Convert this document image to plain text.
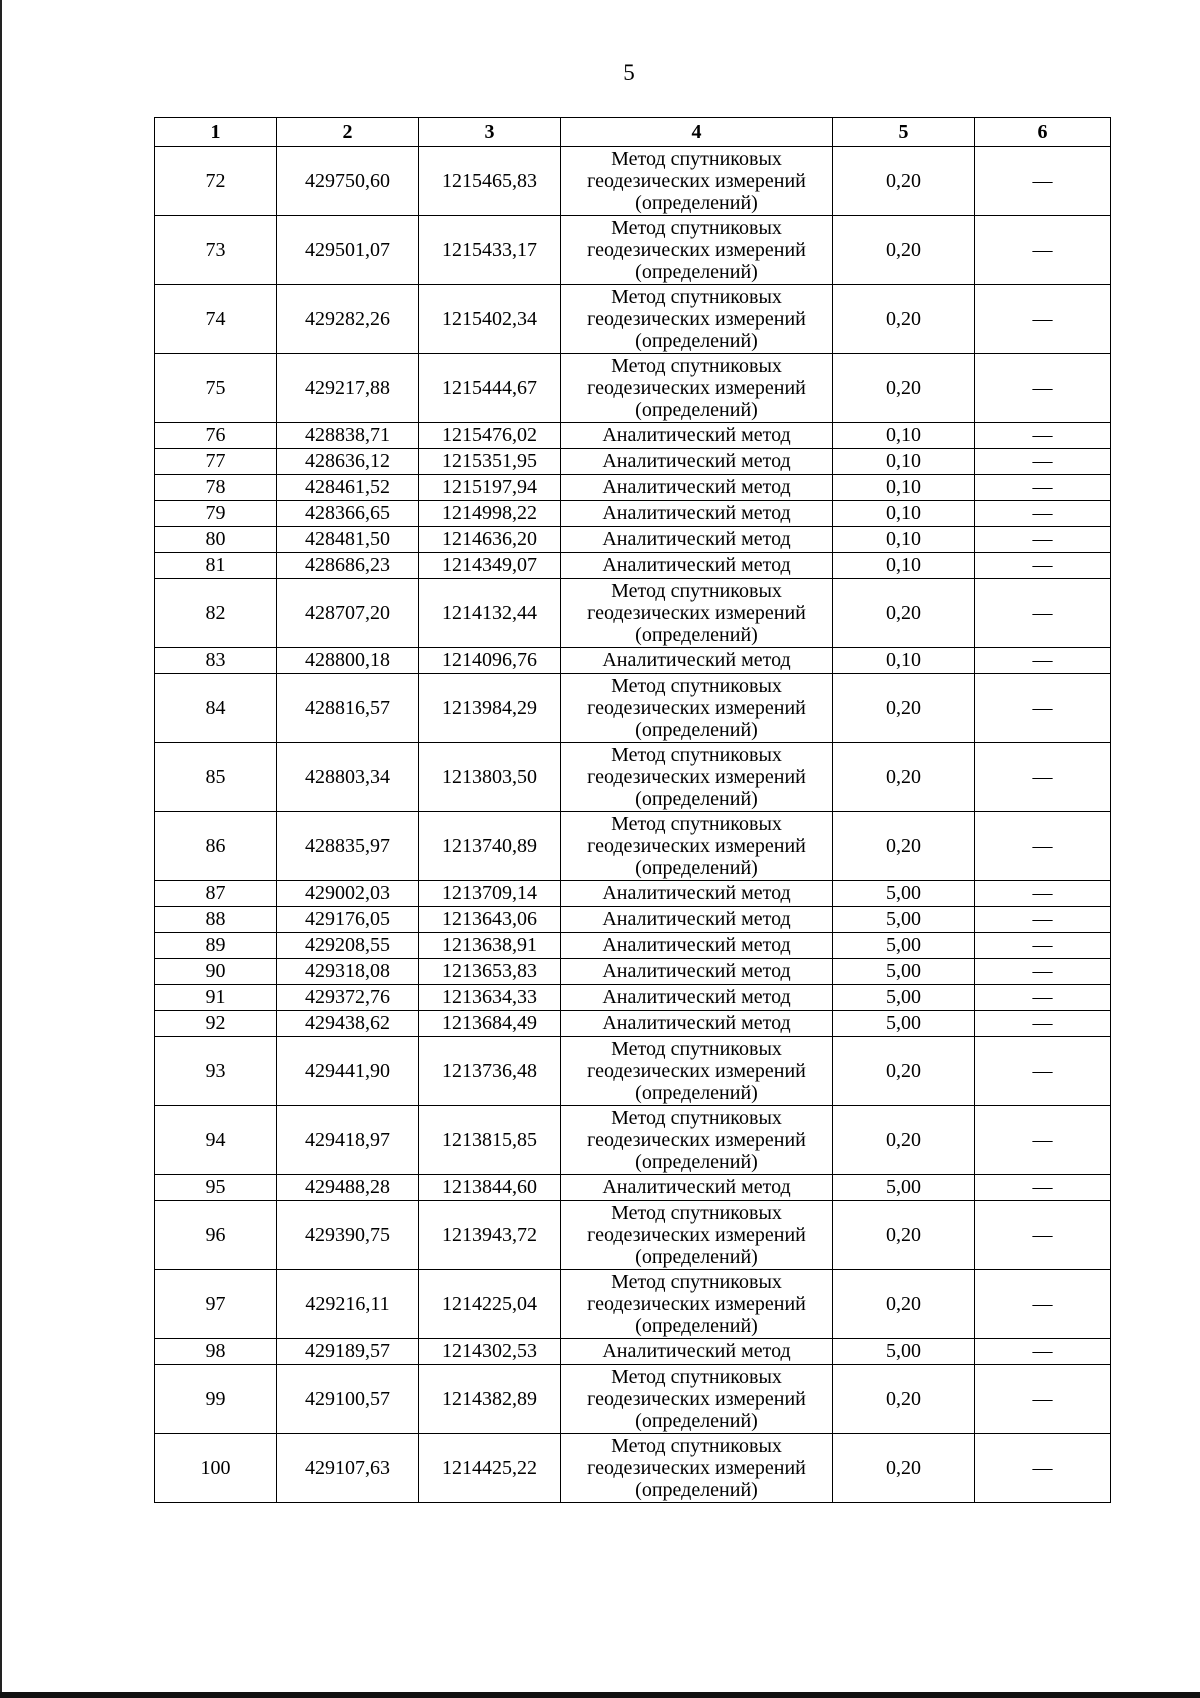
5
1	2	3	4	5	6
72	429750,60	1215465,83	Метод спутниковых
геодезических измерений
(определений)	0,20	—
73	429501,07	1215433,17	Метод спутниковых
геодезических измерений
(определений)	0,20	—
74	429282,26	1215402,34	Метод спутниковых
геодезических измерений
(определений)	0,20	—
75	429217,88	1215444,67	Метод спутниковых
геодезических измерений
(определений)	0,20	—
76	428838,71	1215476,02	Аналитический метод	0,10	—
77	428636,12	1215351,95	Аналитический метод	0,10	—
78	428461,52	1215197,94	Аналитический метод	0,10	—
79	428366,65	1214998,22	Аналитический метод	0,10	—
80	428481,50	1214636,20	Аналитический метод	0,10	—
81	428686,23	1214349,07	Аналитический метод	0,10	—
82	428707,20	1214132,44	Метод спутниковых
геодезических измерений
(определений)	0,20	—
83	428800,18	1214096,76	Аналитический метод	0,10	—
84	428816,57	1213984,29	Метод спутниковых
геодезических измерений
(определений)	0,20	—
85	428803,34	1213803,50	Метод спутниковых
геодезических измерений
(определений)	0,20	—
86	428835,97	1213740,89	Метод спутниковых
геодезических измерений
(определений)	0,20	—
87	429002,03	1213709,14	Аналитический метод	5,00	—
88	429176,05	1213643,06	Аналитический метод	5,00	—
89	429208,55	1213638,91	Аналитический метод	5,00	—
90	429318,08	1213653,83	Аналитический метод	5,00	—
91	429372,76	1213634,33	Аналитический метод	5,00	—
92	429438,62	1213684,49	Аналитический метод	5,00	—
93	429441,90	1213736,48	Метод спутниковых
геодезических измерений
(определений)	0,20	—
94	429418,97	1213815,85	Метод спутниковых
геодезических измерений
(определений)	0,20	—
95	429488,28	1213844,60	Аналитический метод	5,00	—
96	429390,75	1213943,72	Метод спутниковых
геодезических измерений
(определений)	0,20	—
97	429216,11	1214225,04	Метод спутниковых
геодезических измерений
(определений)	0,20	—
98	429189,57	1214302,53	Аналитический метод	5,00	—
99	429100,57	1214382,89	Метод спутниковых
геодезических измерений
(определений)	0,20	—
100	429107,63	1214425,22	Метод спутниковых
геодезических измерений
(определений)	0,20	—
